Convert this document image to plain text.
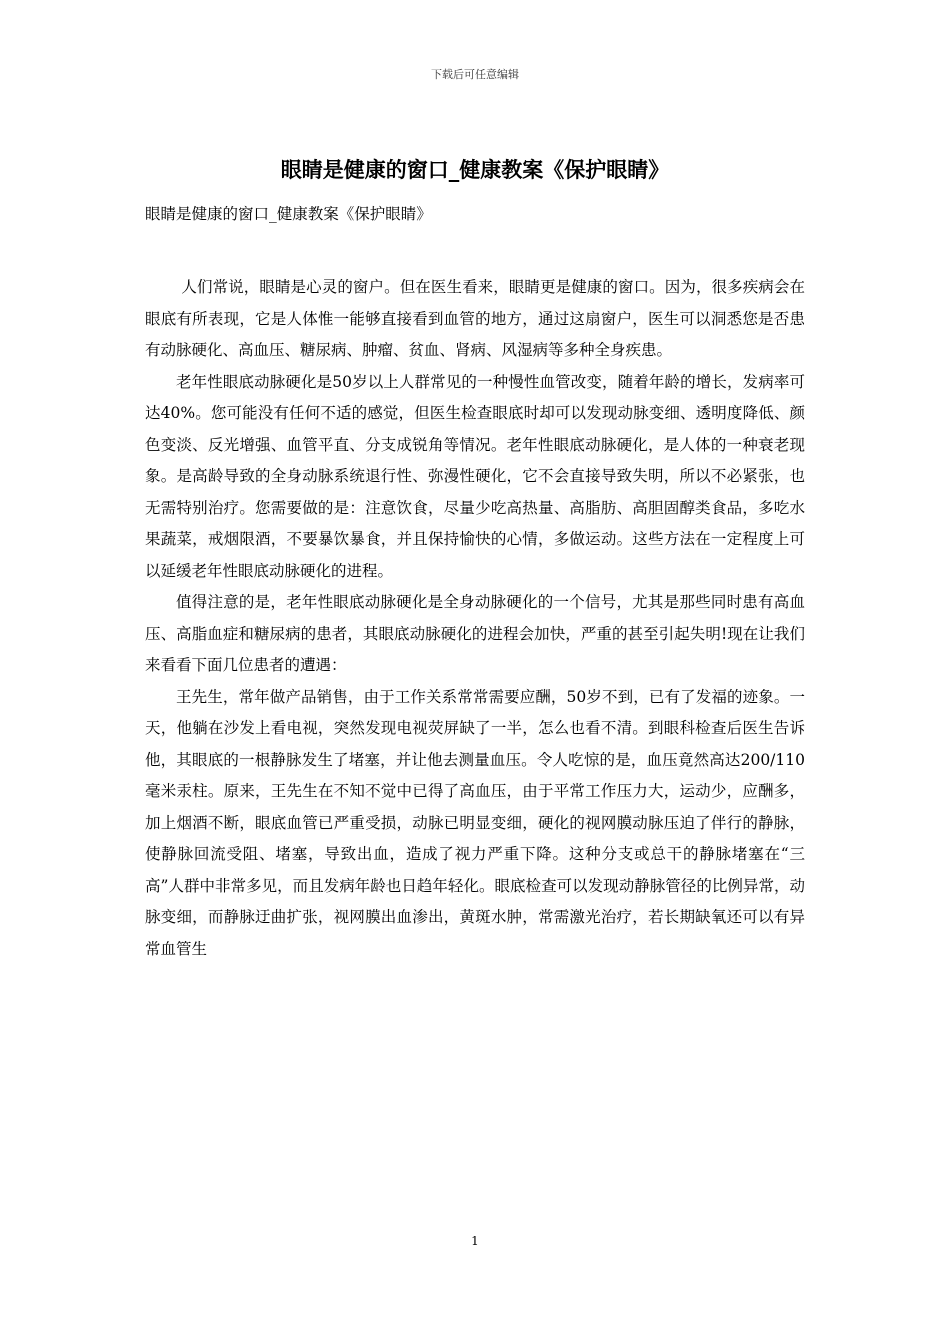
下载后可任意编辑
眼睛是健康的窗口_健康教案《保护眼睛》

眼睛是健康的窗口_健康教案《保护眼睛》

人们常说，眼睛是心灵的窗户。但在医生看来，眼睛更是健康的窗口。因为，很多疾病会在眼底有所表现，它是人体惟一能够直接看到血管的地方，通过这扇窗户，医生可以洞悉您是否患有动脉硬化、高血压、糖尿病、肿瘤、贫血、肾病、风湿病等多种全身疾患。

老年性眼底动脉硬化是50岁以上人群常见的一种慢性血管改变，随着年龄的增长，发病率可达40%。您可能没有任何不适的感觉，但医生检查眼底时却可以发现动脉变细、透明度降低、颜色变淡、反光增强、血管平直、分支成锐角等情况。老年性眼底动脉硬化，是人体的一种衰老现象。是高龄导致的全身动脉系统退行性、弥漫性硬化，它不会直接导致失明，所以不必紧张，也无需特别治疗。您需要做的是：注意饮食，尽量少吃高热量、高脂肪、高胆固醇类食品，多吃水果蔬菜，戒烟限酒，不要暴饮暴食，并且保持愉快的心情，多做运动。这些方法在一定程度上可以延缓老年性眼底动脉硬化的进程。

值得注意的是，老年性眼底动脉硬化是全身动脉硬化的一个信号，尤其是那些同时患有高血压、高脂血症和糖尿病的患者，其眼底动脉硬化的进程会加快，严重的甚至引起失明!现在让我们来看看下面几位患者的遭遇：

王先生，常年做产品销售，由于工作关系常常需要应酬，50岁不到，已有了发福的迹象。一天，他躺在沙发上看电视，突然发现电视荧屏缺了一半，怎么也看不清。到眼科检查后医生告诉他，其眼底的一根静脉发生了堵塞，并让他去测量血压。令人吃惊的是，血压竟然高达200/110毫米汞柱。原来，王先生在不知不觉中已得了高血压，由于平常工作压力大，运动少，应酬多，加上烟酒不断，眼底血管已严重受损，动脉已明显变细，硬化的视网膜动脉压迫了伴行的静脉，使静脉回流受阻、堵塞，导致出血，造成了视力严重下降。这种分支或总干的静脉堵塞在“三高”人群中非常多见，而且发病年龄也日趋年轻化。眼底检查可以发现动静脉管径的比例异常，动脉变细，而静脉迂曲扩张，视网膜出血渗出，黄斑水肿，常需激光治疗，若长期缺氧还可以有异常血管生

1
